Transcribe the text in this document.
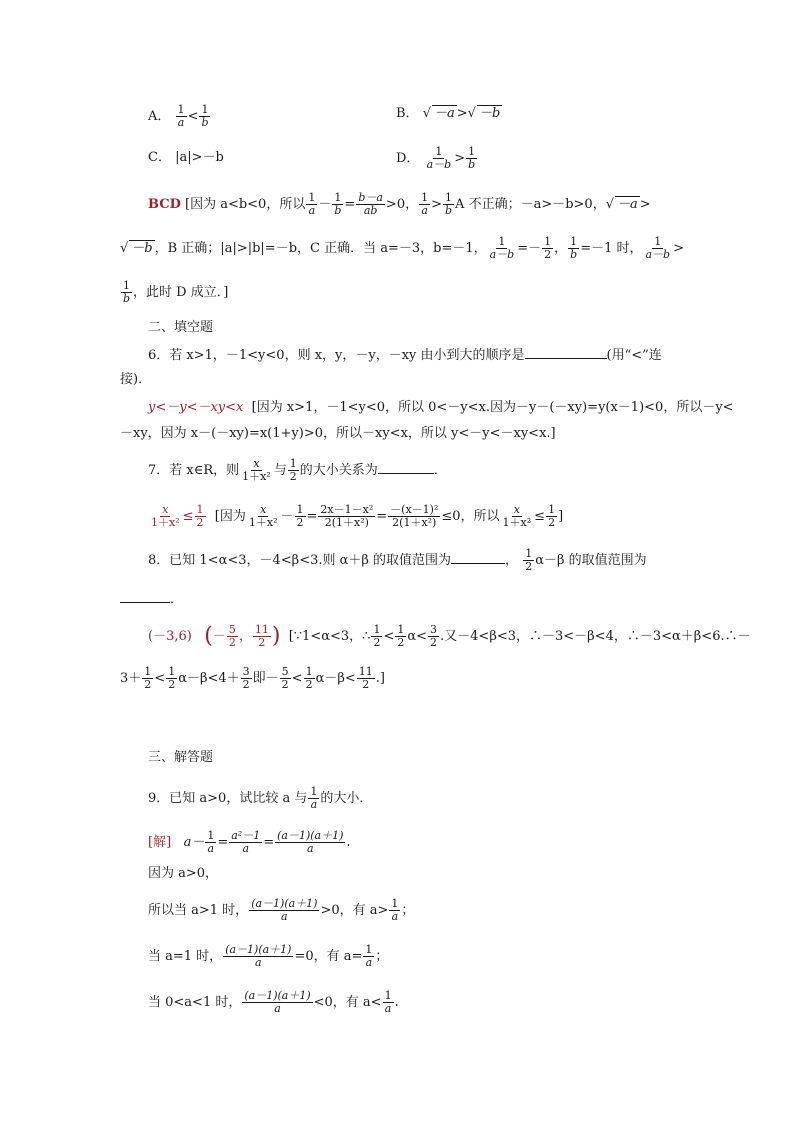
A． $\frac{1}{a} < \frac{1}{b}$	B． √ －a >√ －b
C． |a|>－b	D． $\frac{1}{a-b} > \frac{1}{b}$
BCD [因为 a<b<0，所以 $\frac{1}{a} - \frac{1}{b} = \frac{b-a}{ab} >0$， $\frac{1}{a} > \frac{1}{b}$ A 不正确；－a>－b>0，√ －a >
√ －b ，B 正确；|a|>|b|=－b，C 正确．当 a=－3，b=－1， $\frac{1}{a-b} =- \frac{1}{2}$ ， $\frac{1}{b} =-1$ 时， $\frac{1}{a-b}$ >
$\frac{1}{b}$ ，此时 D 成立．]
二、填空题
6．若 x>1，－1<y<0，则 x，y，－y，－xy 由小到大的顺序是	(用“<”连
接)．
y<－y<－xy<x [因为 x>1，－1<y<0，所以 0<－y<x.因为－y－(－xy)=y(x－1)<0，所以－y<
－xy，因为 x－(－xy)=x(1+y)>0，所以－xy<x，所以 y<－y<－xy<x.]
7．若 x∈R，则 $\frac{x}{\text{1＋x²}}$ 与 $\frac{1}{2}$ 的大小关系为	．
$\frac{x}{\text{1＋x²}} \le \frac{1}{2}$ [因为 $\frac{x}{\text{1＋x²}} - \frac{1}{2} = \frac{\text{2x－1－x²}}{\text{2(1＋x²)}} = \frac{\text{－(x－1)²}}{\text{2(1＋x²)}} \le 0$，所以 $\frac{x}{\text{1＋x²}} \le \frac{1}{2}$ ]
8．已知 1<α<3，－4<β<3.则 α＋β 的取值范围为	， $\frac{1}{2} \alpha-\beta$ 的取值范围为
．
(－3,6) (－ $\frac{5}{2}$ ， $\frac{11}{2}$ ) [∵1<α<3，∴ $\frac{1}{2} < \frac{1}{2} \alpha< \frac{3}{2}$ .又－4<β<3，∴－3<－β<4，∴－3<α＋β<6.∴－
$3+ \frac{1}{2} < \frac{1}{2} \alpha-\beta<4+ \frac{3}{2}$ 即－ $\frac{5}{2} < \frac{1}{2} \alpha-\beta< \frac{11}{2}$ .]
三、解答题
9．已知 a>0，试比较 a 与 $\frac{1}{a}$ 的大小．
[解] $a- \frac{1}{a} = \frac{\text{a²－1}}{a} = \frac{(a-1)(a+1)}{a}$ .
因为 a>0，
所以当 a>1 时， $\frac{(a-1)(a+1)}{a} >0$，有 $a> \frac{1}{a}$ ；
当 a=1 时， $\frac{(a-1)(a+1)}{a} =0$，有 $a= \frac{1}{a}$ ；
当 0<a<1 时， $\frac{(a-1)(a+1)}{a} <0$，有 $a< \frac{1}{a}$ .
